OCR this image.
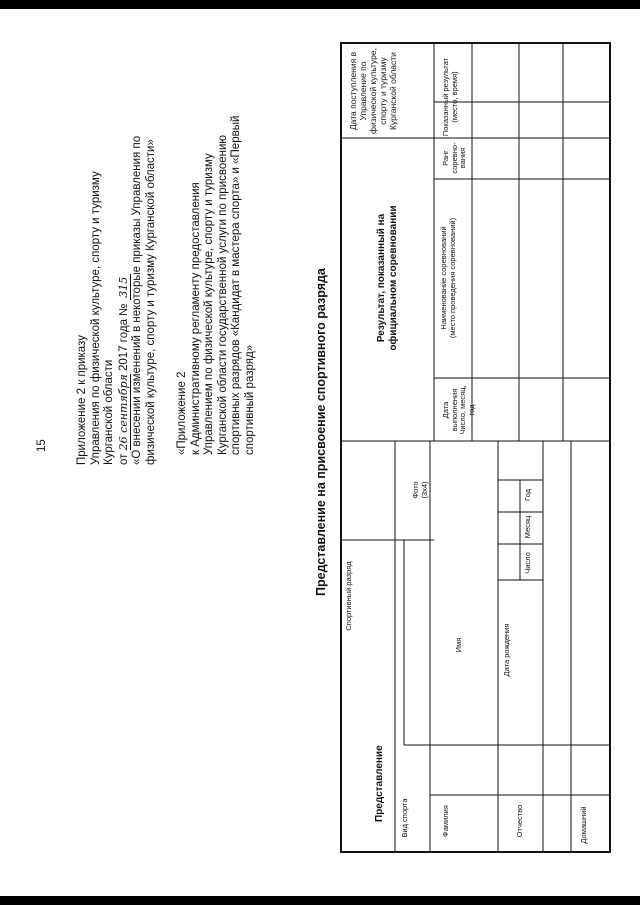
15 Приложение 2 к приказу Управления по физической культуре, спорту и туризму Курганской области от 26 сентября 2017 года № 315 «О внесении изменений в некоторые приказы Управления по физической культуре, спорту и туризму Курганской области» «Приложение 2 к Административному регламенту предоставления Управлением по физической культуре, спорту и туризму Курганской области государственной услуги по присвоению спортивных разрядов «Кандидат в мастера спорта» и «Первый спортивный разряд»	Представление на присвоение спортивного разряда
Представление
Спортивный разряд
Вид спорта	Фамилия
Имя
Отчество
Дата рождения
Число
Месяц
Год
Домашний
Фото (3х4)
Результат, показанный на официальном соревновании
Дата выполнения Число, месяц, год
Наименование соревнований (место проведения соревнований)
Ранг соревно-вания
Показанный результат (место, время)
Дата поступления в Управление по физической культуре, спорту и туризму Курганской области
